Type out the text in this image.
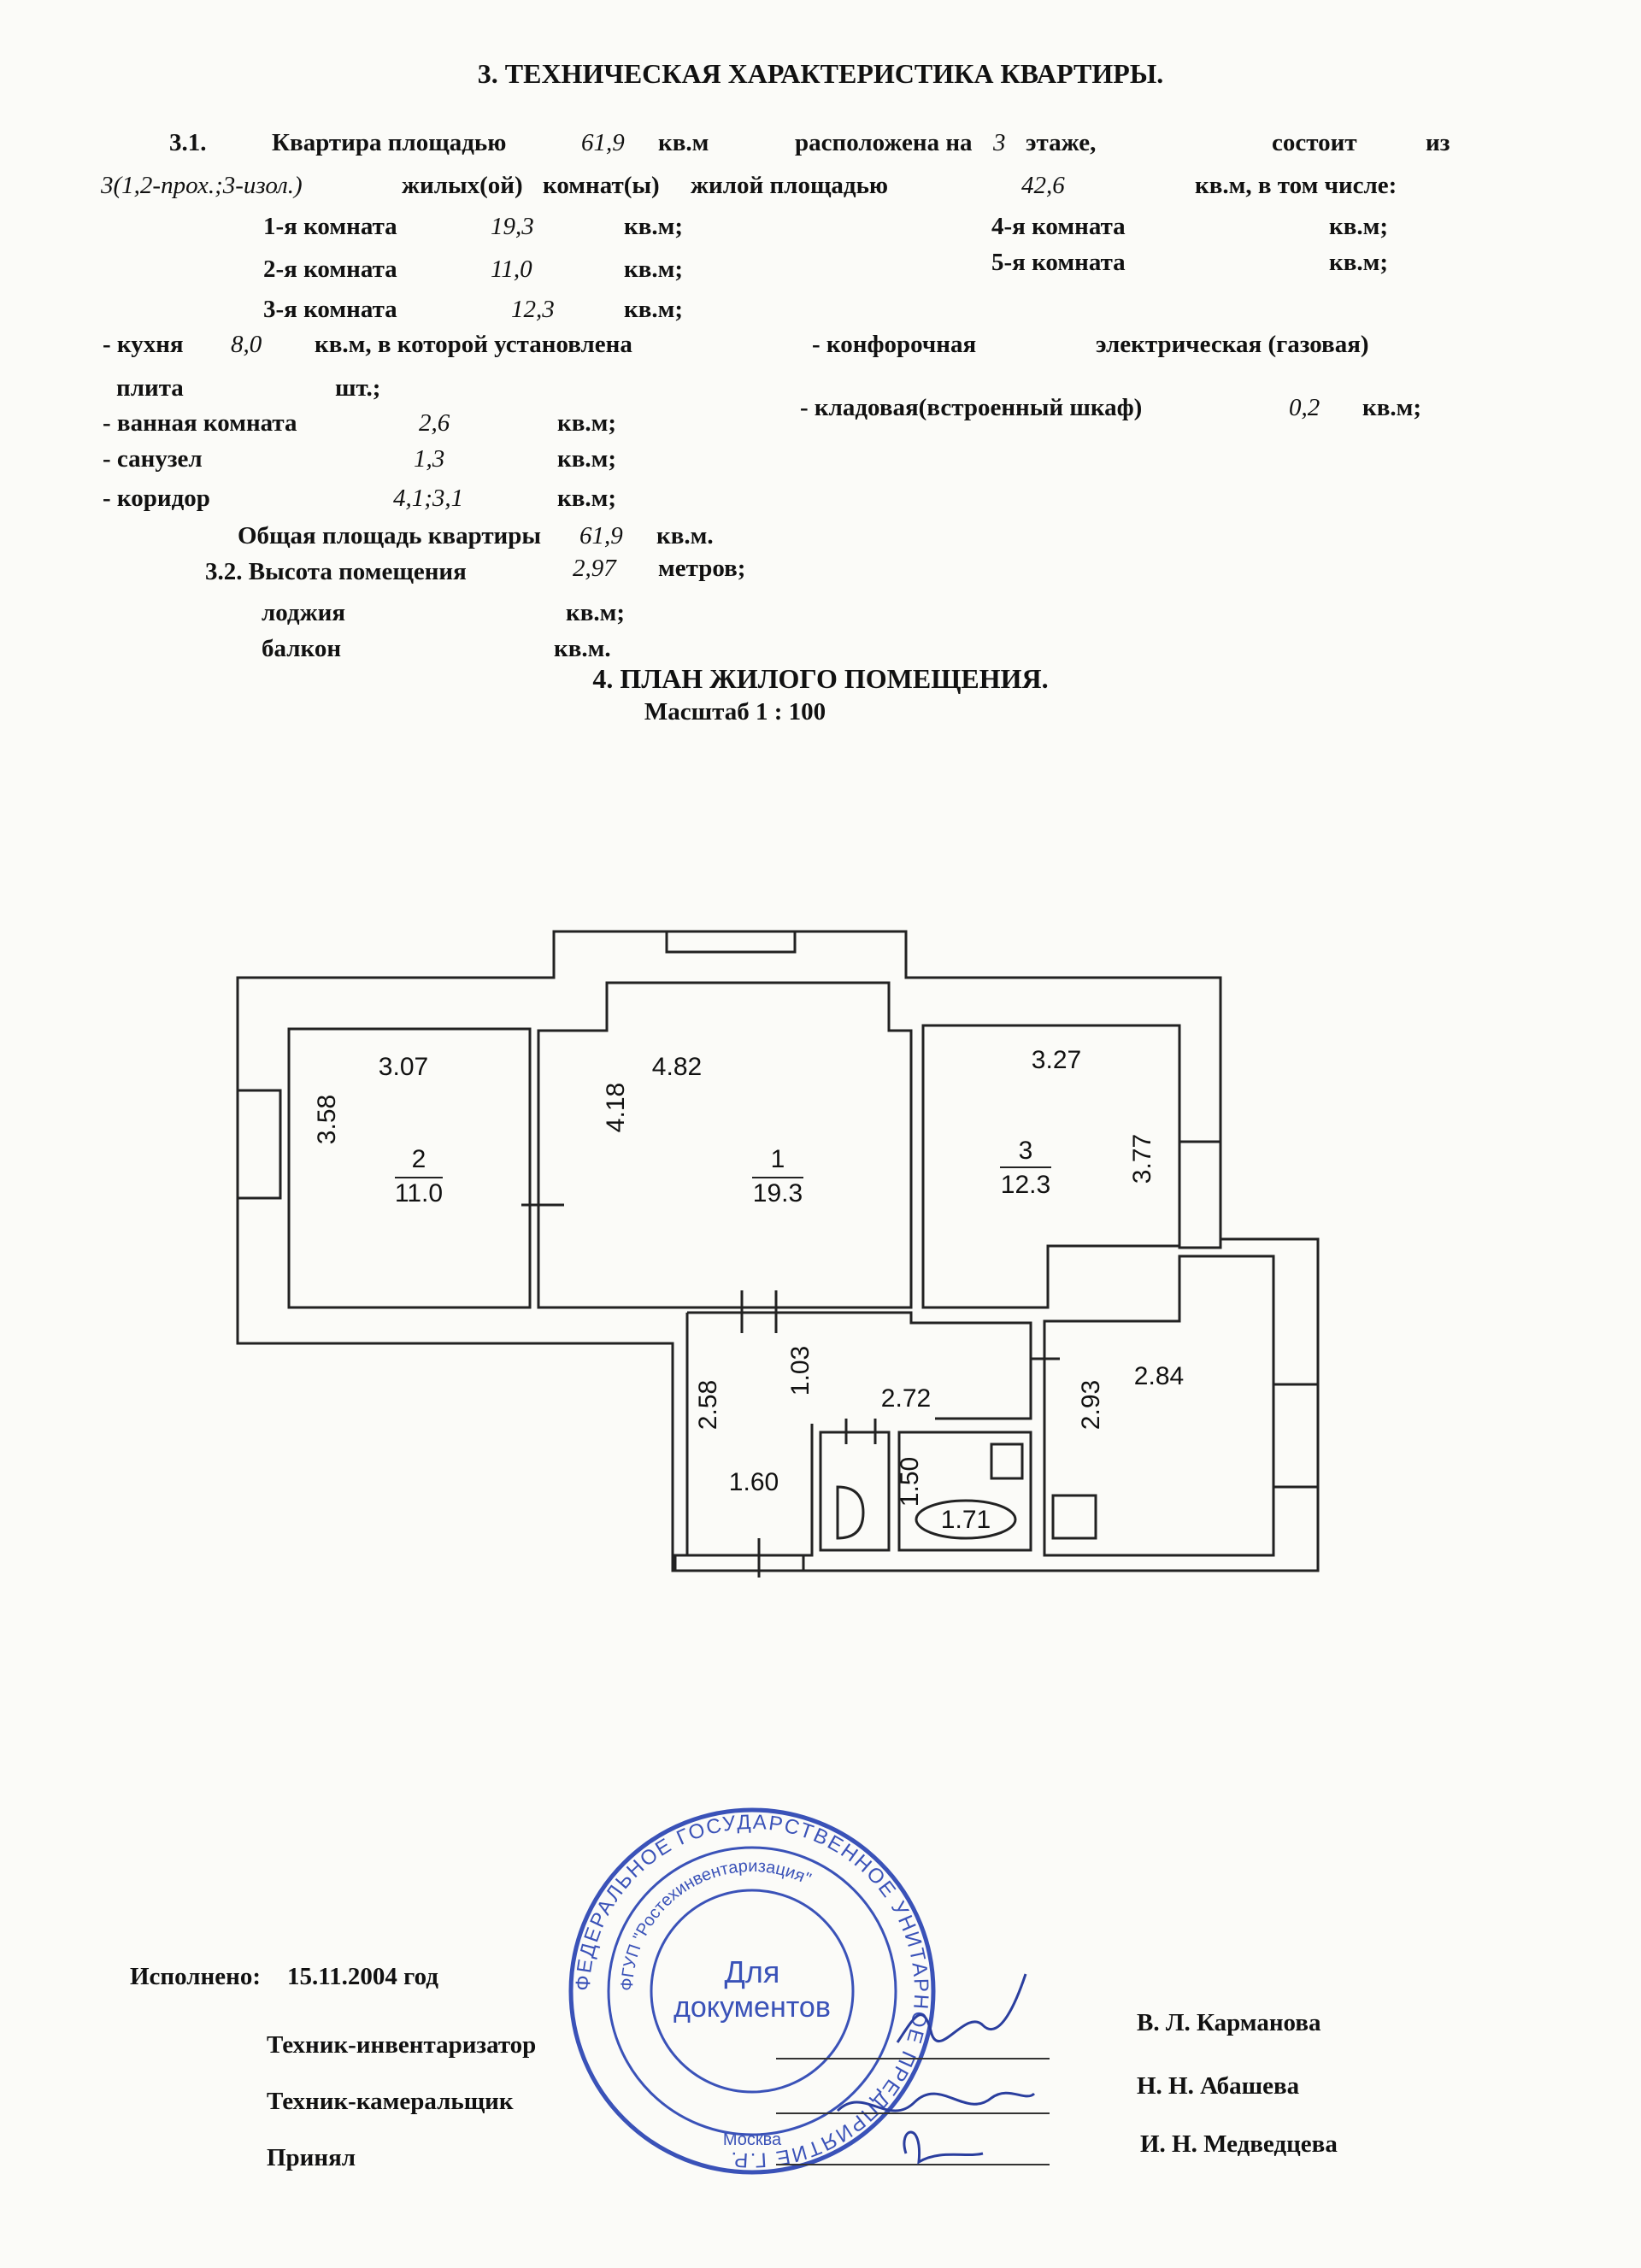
3. ТЕХНИЧЕСКАЯ ХАРАКТЕРИСТИКА КВАРТИРЫ.
3.1.	Квартира площадью	61,9 кв.м	расположена на 3 этаже,	состоит	из
3(1,2-прох.;3-изол.)	жилых(ой) комнат(ы) жилой площадью	42,6	кв.м, в том числе:
1-я комната	19,3	кв.м;	4-я комната	кв.м;
2-я комната	11,0	кв.м;	5-я комната	кв.м;
3-я комната	12,3	кв.м;
- кухня 8,0 кв.м, в которой установлена	- конфорочная	электрическая (газовая)
плита	шт.;
- ванная комната	2,6	кв.м;
- кладовая(встроенный шкаф)	0,2 кв.м;
- санузел	1,3	кв.м;
- коридор	4,1;3,1	кв.м;
Общая площадь квартиры 61,9 кв.м.
3.2. Высота помещения	2,97 метров;
лоджия	кв.м;
балкон	кв.м.
4. ПЛАН ЖИЛОГО ПОМЕЩЕНИЯ.
Масштаб 1 : 100
3.07
3.58
2
11.0
4.82
4.18
1
19.3
3.27
3.77
3
12.3
1.03
2.72
2.58
1.60	1.50
1.71
2.93
2.84
ФЕДЕРАЛЬНОЕ ГОСУДАРСТВЕННОЕ УНИТАРНОЕ ПРЕДПРИЯТИЕ Г.Р.
ФГУП "Ростехинвентаризация"
Для
документов
Москва
Исполнено: 15.11.2004 год
Техник-инвентаризатор
В. Л. Карманова
Техник-камеральщик
Н. Н. Абашева
Принял	И. Н. Медведцева
